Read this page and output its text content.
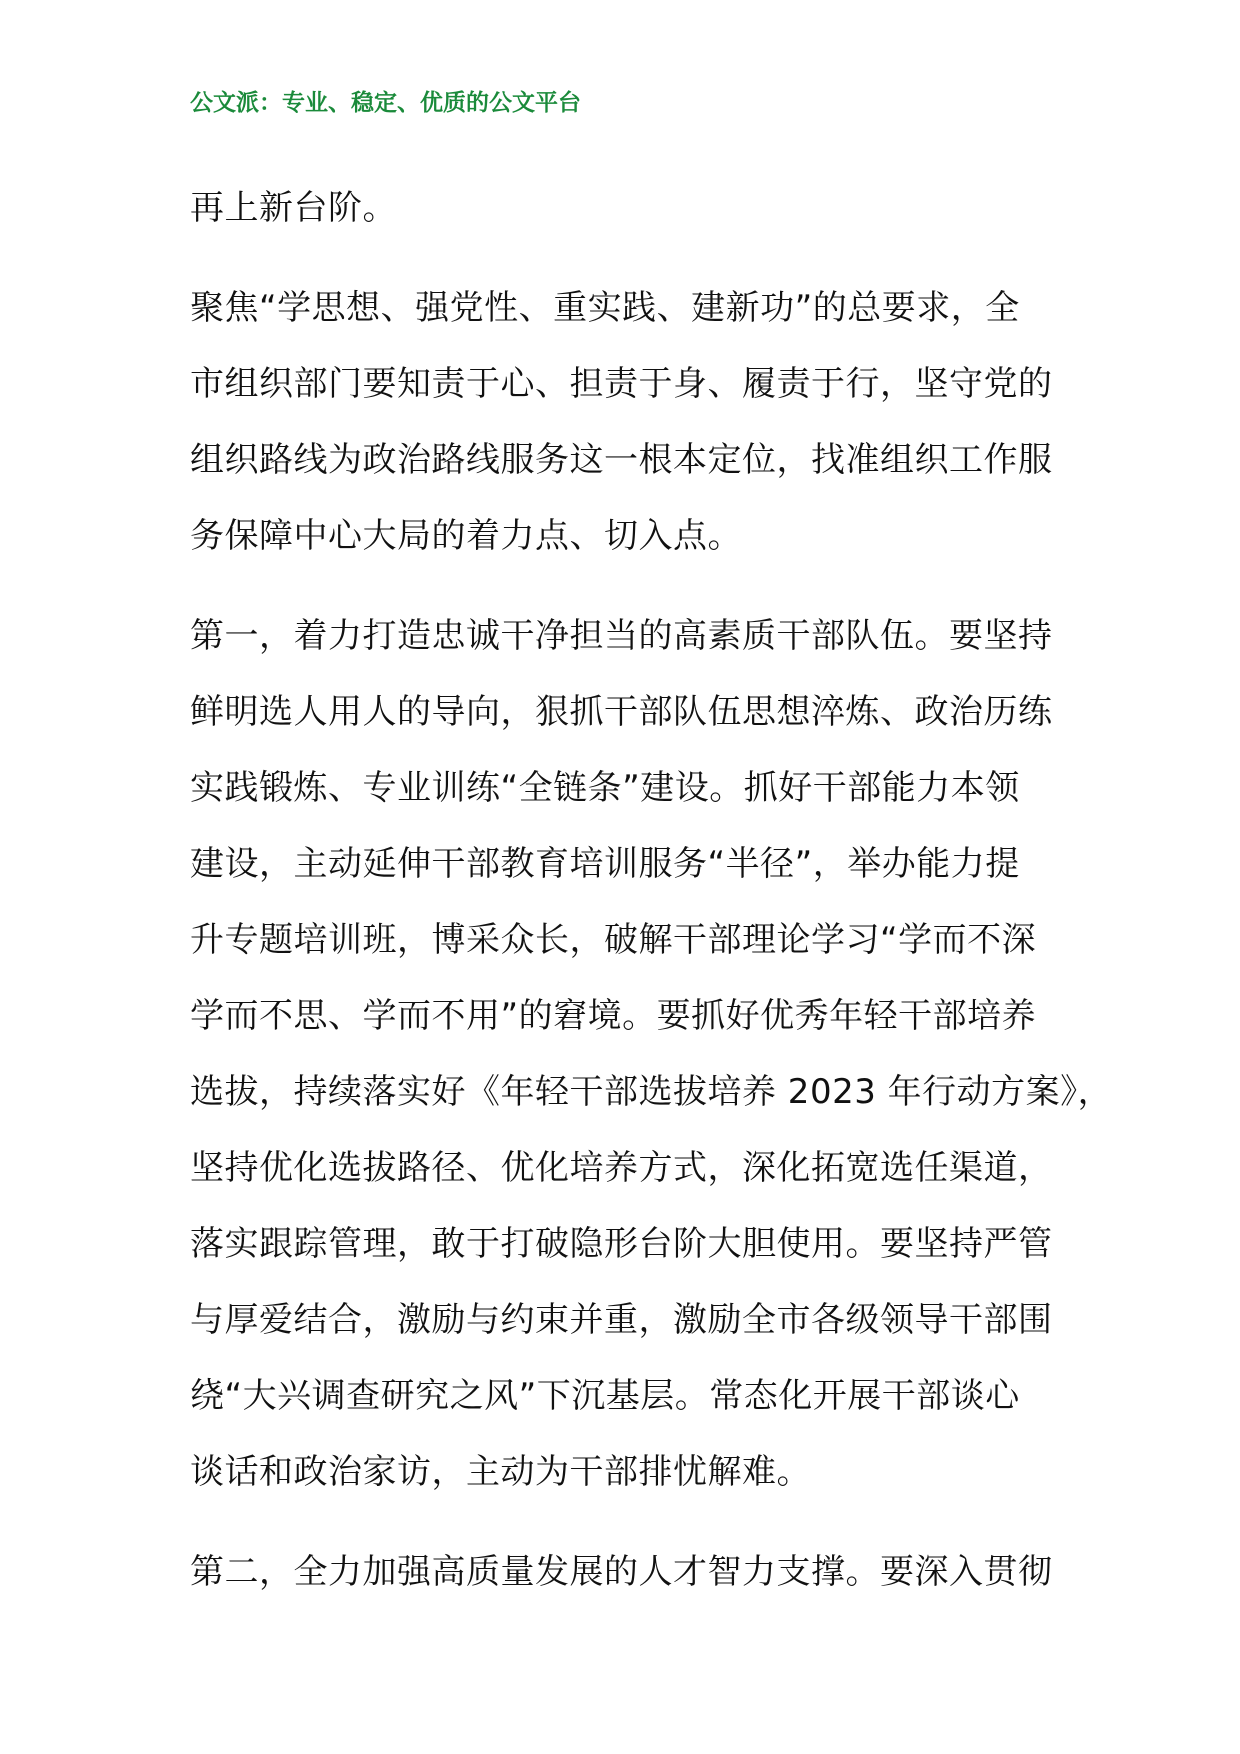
公文派：专业、稳定、优质的公文平台
再上新台阶。
聚焦“学思想、强党性、重实践、建新功”的总要求，全
市组织部门要知责于心、担责于身、履责于行，坚守党的
组织路线为政治路线服务这一根本定位，找准组织工作服
务保障中心大局的着力点、切入点。
第一，着力打造忠诚干净担当的高素质干部队伍。要坚持
鲜明选人用人的导向，狠抓干部队伍思想淬炼、政治历练
实践锻炼、专业训练“全链条”建设。抓好干部能力本领
建设，主动延伸干部教育培训服务“半径”，举办能力提
升专题培训班，博采众长，破解干部理论学习“学而不深
学而不思、学而不用”的窘境。要抓好优秀年轻干部培养
选拔，持续落实好《年轻干部选拔培养 2023 年行动方案》，
坚持优化选拔路径、优化培养方式，深化拓宽选任渠道，
落实跟踪管理，敢于打破隐形台阶大胆使用。要坚持严管
与厚爱结合，激励与约束并重，激励全市各级领导干部围
绕“大兴调查研究之风”下沉基层。常态化开展干部谈心
谈话和政治家访，主动为干部排忧解难。
第二，全力加强高质量发展的人才智力支撑。要深入贯彻
